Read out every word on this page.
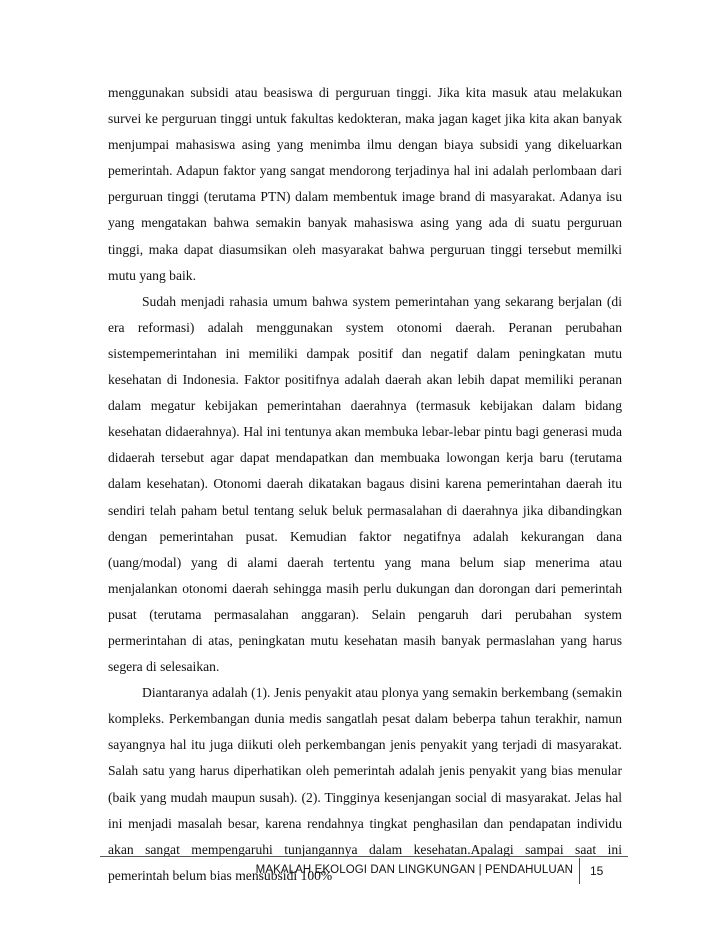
menggunakan subsidi atau beasiswa di perguruan tinggi. Jika kita masuk atau melakukan survei ke perguruan tinggi untuk fakultas kedokteran, maka jagan kaget jika kita akan banyak menjumpai mahasiswa asing yang menimba ilmu dengan biaya subsidi yang dikeluarkan pemerintah. Adapun faktor yang sangat mendorong terjadinya hal ini adalah perlombaan dari perguruan tinggi (terutama PTN) dalam membentuk image brand di masyarakat. Adanya isu yang mengatakan bahwa semakin banyak mahasiswa asing yang ada di suatu perguruan tinggi, maka dapat diasumsikan oleh masyarakat bahwa perguruan tinggi tersebut memilki mutu yang baik.

Sudah menjadi rahasia umum bahwa system pemerintahan yang sekarang berjalan (di era reformasi) adalah menggunakan system otonomi daerah. Peranan perubahan sistempemerintahan ini memiliki dampak positif dan negatif dalam peningkatan mutu kesehatan di Indonesia. Faktor positifnya adalah daerah akan lebih dapat memiliki peranan dalam megatur kebijakan pemerintahan daerahnya (termasuk kebijakan dalam bidang kesehatan didaerahnya). Hal ini tentunya akan membuka lebar-lebar pintu bagi generasi muda didaerah tersebut agar dapat mendapatkan dan membuaka lowongan kerja baru (terutama dalam kesehatan). Otonomi daerah dikatakan bagaus disini karena pemerintahan daerah itu sendiri telah paham betul tentang seluk beluk permasalahan di daerahnya jika dibandingkan dengan pemerintahan pusat. Kemudian faktor negatifnya adalah kekurangan dana (uang/modal) yang di alami daerah tertentu yang mana belum siap menerima atau menjalankan otonomi daerah sehingga masih perlu dukungan dan dorongan dari pemerintah pusat (terutama permasalahan anggaran). Selain pengaruh dari perubahan system permerintahan di atas, peningkatan mutu kesehatan masih banyak permaslahan yang harus segera di selesaikan.

Diantaranya adalah (1). Jenis penyakit atau plonya yang semakin berkembang (semakin kompleks. Perkembangan dunia medis sangatlah pesat dalam beberpa tahun terakhir, namun sayangnya hal itu juga diikuti oleh perkembangan jenis penyakit yang terjadi di masyarakat. Salah satu yang harus diperhatikan oleh pemerintah adalah jenis penyakit yang bias menular (baik yang mudah maupun susah). (2). Tingginya kesenjangan social di masyarakat. Jelas hal ini menjadi masalah besar, karena rendahnya tingkat penghasilan dan pendapatan individu akan sangat mempengaruhi tunjangannya dalam kesehatan.Apalagi sampai saat ini pemerintah belum bias mensubsidi 100%

MAKALAH EKOLOGI DAN LINGKUNGAN | PENDAHULUAN	15
